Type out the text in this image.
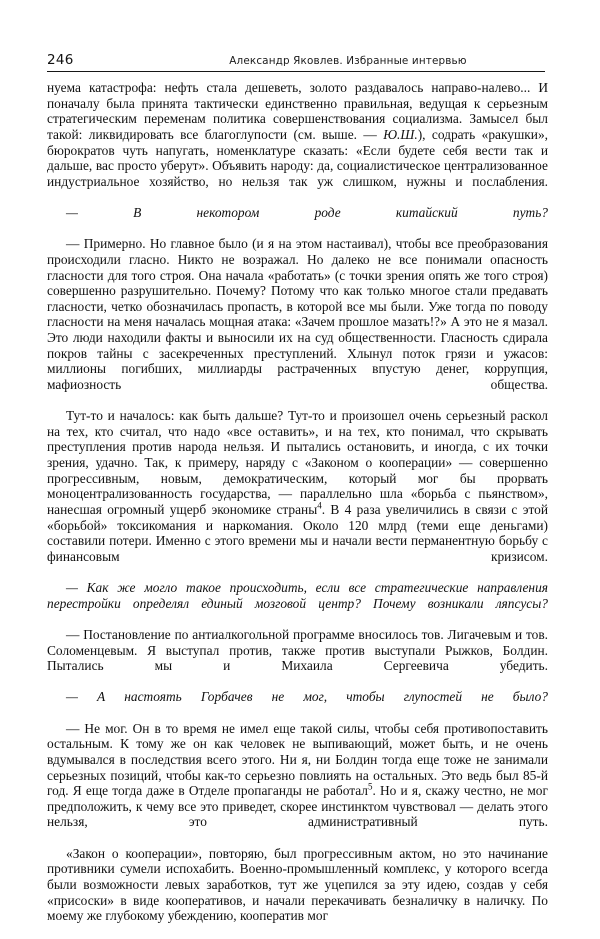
246	Александр Яковлев. Избранные интервью

нуема катастрофа: нефть стала дешеветь, золото раздавалось направо-налево... И поначалу была принята тактически единственно правильная, ведущая к серьезным стратегическим переменам политика совершенствования социализма. Замысел был такой: ликвидировать все благоглупости (см. выше. — Ю.Ш.), содрать «ракушки», бюрократов чуть напугать, номенклатуре сказать: «Если будете себя вести так и дальше, вас просто уберут». Объявить народу: да, социалистическое централизованное индустриальное хозяйство, но нельзя так уж слишком, нужны и послабления.

— В некотором роде китайский путь?

— Примерно. Но главное было (и я на этом настаивал), чтобы все преобразования происходили гласно. Никто не возражал. Но далеко не все понимали опасность гласности для того строя. Она начала «работать» (с точки зрения опять же того строя) совершенно разрушительно. Почему? Потому что как только многое стали предавать гласности, четко обозначилась пропасть, в которой все мы были. Уже тогда по поводу гласности на меня началась мощная атака: «Зачем прошлое мазать!?» А это не я мазал. Это люди находили факты и выносили их на суд общественности. Гласность сдирала покров тайны с засекреченных преступлений. Хлынул поток грязи и ужасов: миллионы погибших, миллиарды растраченных впустую денег, коррупция, мафиозность общества.

Тут-то и началось: как быть дальше? Тут-то и произошел очень серьезный раскол на тех, кто считал, что надо «все оставить», и на тех, кто понимал, что скрывать преступления против народа нельзя. И пытались остановить, и иногда, с их точки зрения, удачно. Так, к примеру, наряду с «Законом о кооперации» — совершенно прогрессивным, новым, демократическим, который мог бы прорвать моноцентрализованность государства, — параллельно шла «борьба с пьянством», нанесшая огромный ущерб экономике страны$^4$. В 4 раза увеличились в связи с этой «борьбой» токсикомания и наркомания. Около 120 млрд (теми еще деньгами) составили потери. Именно с этого времени мы и начали вести перманентную борьбу с финансовым кризисом.

— Как же могло такое происходить, если все стратегические направления перестройки определял единый мозговой центр? Почему возникали ляпсусы?

— Постановление по антиалкогольной программе вносилось тов. Лигачевым и тов. Соломенцевым. Я выступал против, также против выступали Рыжков, Болдин. Пытались мы и Михаила Сергеевича убедить.

— А настоять Горбачев не мог, чтобы глупостей не было?

— Не мог. Он в то время не имел еще такой силы, чтобы себя противопоставить остальным. К тому же он как человек не выпивающий, может быть, и не очень вдумывался в последствия всего этого. Ни я, ни Болдин тогда еще тоже не занимали серьезных позиций, чтобы как-то серьезно повлиять на остальных. Это ведь был 85-й год. Я еще тогда даже в Отделе пропаганды не работал$^5$. Но и я, скажу честно, не мог предположить, к чему все это приведет, скорее инстинктом чувствовал — делать этого нельзя, это административный путь.

«Закон о кооперации», повторяю, был прогрессивным актом, но это начинание противники сумели испохабить. Военно-промышленный комплекс, у которого всегда были возможности левых заработков, тут же уцепился за эту идею, создав у себя «присоски» в виде кооперативов, и начали перекачивать безналичку в наличку. По моему же глубокому убеждению, кооператив мог
